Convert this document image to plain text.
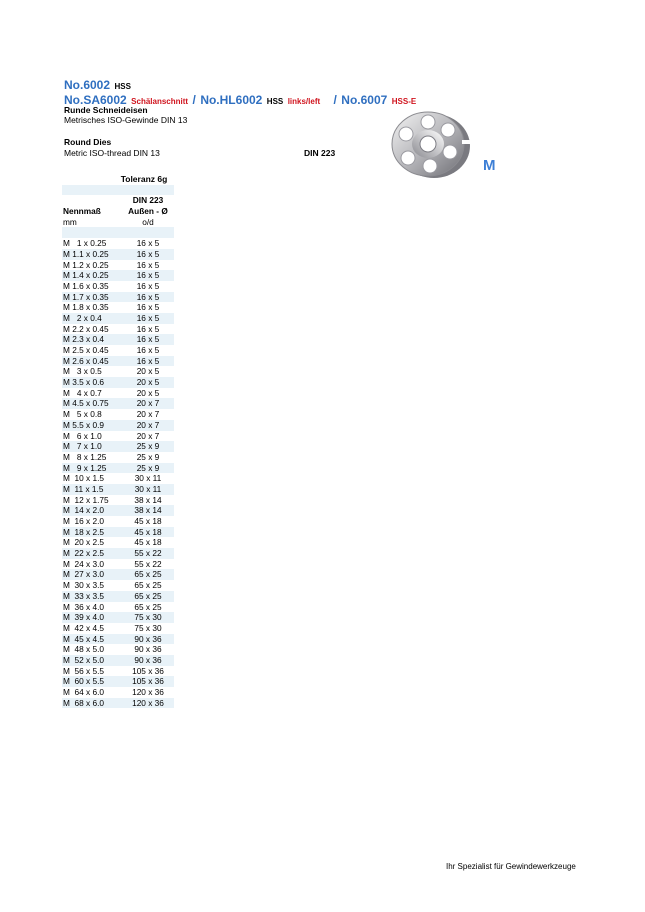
No.6002 HSS
No.SA6002 Schälanschnitt / No.HL6002 HSS links/left / No.6007 HSS-E
Runde Schneideisen
Metrisches ISO-Gewinde DIN 13
Round Dies
Metric ISO-thread DIN 13	DIN 223
M
Toleranz 6g
DIN 223
Nennmaß	Außen - Ø
mm	o/d
M   1 x 0.25	16 x 5
M 1.1 x 0.25	16 x 5
M 1.2 x 0.25	16 x 5
M 1.4 x 0.25	16 x 5
M 1.6 x 0.35	16 x 5
M 1.7 x 0.35	16 x 5
M 1.8 x 0.35	16 x 5
M   2 x 0.4	16 x 5
M 2.2 x 0.45	16 x 5
M 2.3 x 0.4	16 x 5
M 2.5 x 0.45	16 x 5
M 2.6 x 0.45	16 x 5
M   3 x 0.5	20 x 5
M 3.5 x 0.6	20 x 5
M   4 x 0.7	20 x 5
M 4.5 x 0.75	20 x 7
M   5 x 0.8	20 x 7
M 5.5 x 0.9	20 x 7
M   6 x 1.0	20 x 7
M   7 x 1.0	25 x 9
M   8 x 1.25	25 x 9
M   9 x 1.25	25 x 9
M  10 x 1.5	30 x 11
M  11 x 1.5	30 x 11
M  12 x 1.75	38 x 14
M  14 x 2.0	38 x 14
M  16 x 2.0	45 x 18
M  18 x 2.5	45 x 18
M  20 x 2.5	45 x 18
M  22 x 2.5	55 x 22
M  24 x 3.0	55 x 22
M  27 x 3.0	65 x 25
M  30 x 3.5	65 x 25
M  33 x 3.5	65 x 25
M  36 x 4.0	65 x 25
M  39 x 4.0	75 x 30
M  42 x 4.5	75 x 30
M  45 x 4.5	90 x 36
M  48 x 5.0	90 x 36
M  52 x 5.0	90 x 36
M  56 x 5.5	105 x 36
M  60 x 5.5	105 x 36
M  64 x 6.0	120 x 36
M  68 x 6.0	120 x 36
Ihr Spezialist für Gewindewerkzeuge
